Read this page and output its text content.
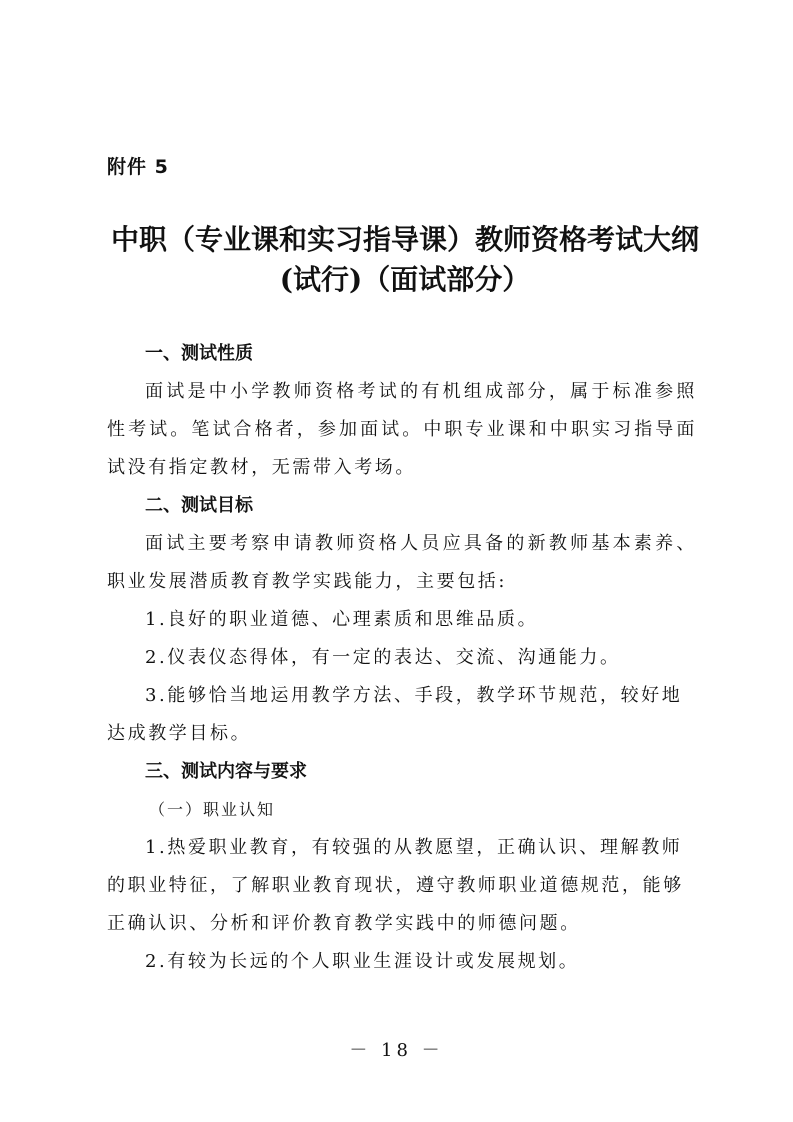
附件 5
中职（专业课和实习指导课）教师资格考试大纲
(试行)（面试部分）
一、测试性质

面试是中小学教师资格考试的有机组成部分，属于标准参照性考试。笔试合格者，参加面试。中职专业课和中职实习指导面试没有指定教材，无需带入考场。

二、测试目标

面试主要考察申请教师资格人员应具备的新教师基本素养、职业发展潜质教育教学实践能力，主要包括:

1.良好的职业道德、心理素质和思维品质。

2.仪表仪态得体，有一定的表达、交流、沟通能力。

3.能够恰当地运用教学方法、手段，教学环节规范，较好地达成教学目标。

三、测试内容与要求
（一）职业认知

1.热爱职业教育，有较强的从教愿望，正确认识、理解教师的职业特征，了解职业教育现状，遵守教师职业道德规范，能够正确认识、分析和评价教育教学实践中的师德问题。

2.有较为长远的个人职业生涯设计或发展规划。

－ 18 －
